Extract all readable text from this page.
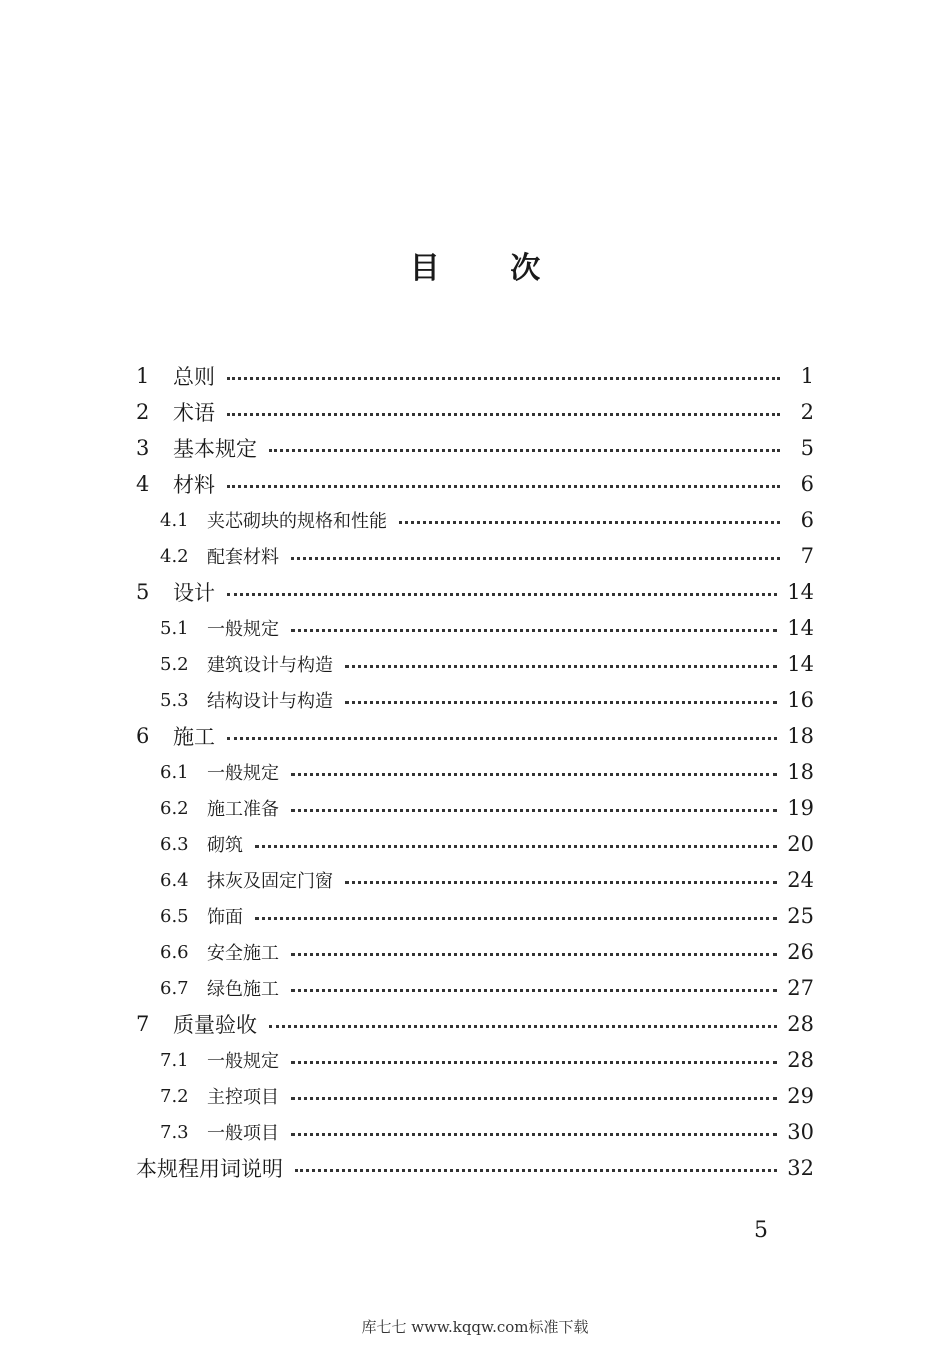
目 次
1	总则	1
2	术语	2
3	基本规定	5
4	材料	6
4.1	夹芯砌块的规格和性能	6
4.2	配套材料	7
5	设计	14
5.1	一般规定	14
5.2	建筑设计与构造	14
5.3	结构设计与构造	16
6	施工	18
6.1	一般规定	18
6.2	施工准备	19
6.3	砌筑	20
6.4	抹灰及固定门窗	24
6.5	饰面	25
6.6	安全施工	26
6.7	绿色施工	27
7	质量验收	28
7.1	一般规定	28
7.2	主控项目	29
7.3	一般项目	30
本规程用词说明	32
5
库七七 www.kqqw.com标准下载
